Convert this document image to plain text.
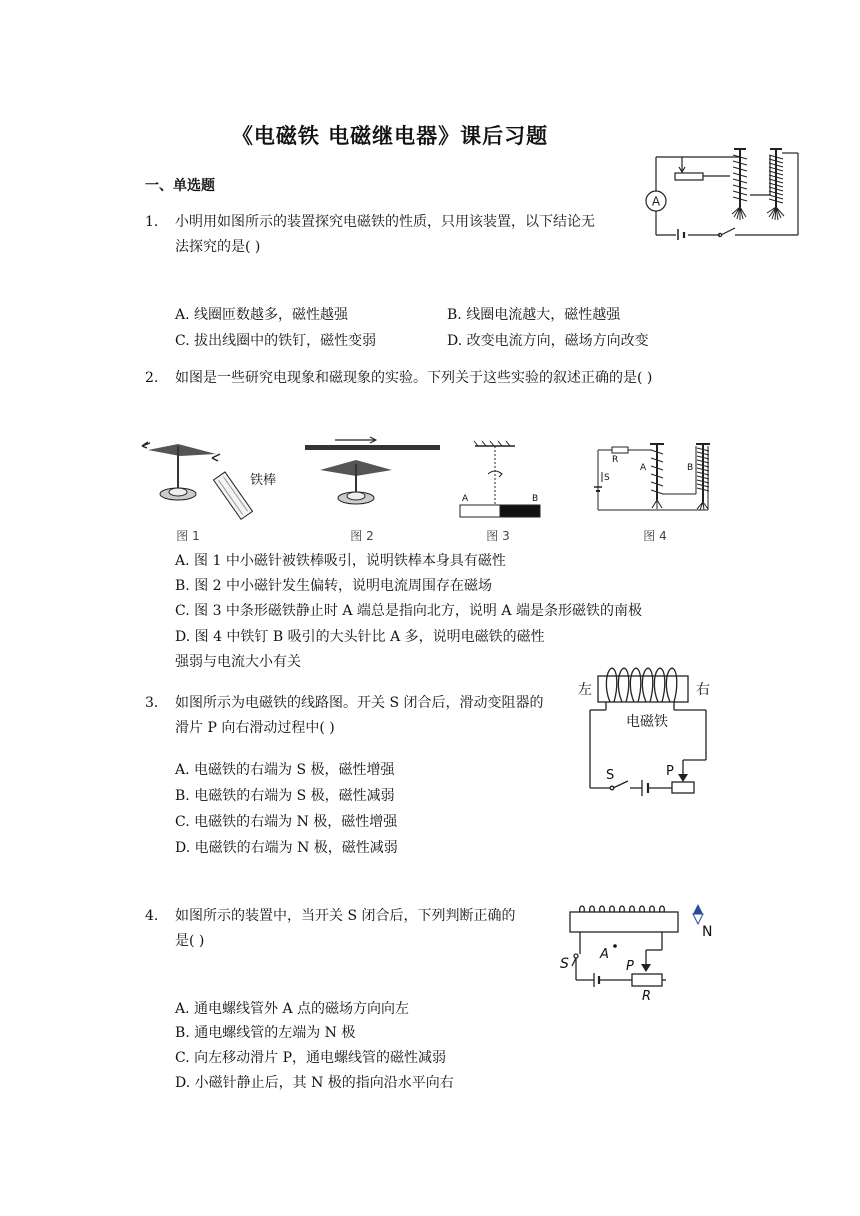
《电磁铁 电磁继电器》课后习题
一、单选题
1. 小明用如图所示的装置探究电磁铁的性质，只用该装置，以下结论无
法探究的是( )
A. 线圈匝数越多，磁性越强	B. 线圈电流越大，磁性越强
C. 拔出线圈中的铁钉，磁性变弱	D. 改变电流方向，磁场方向改变
A
2. 如图是一些研究电现象和磁现象的实验。下列关于这些实验的叙述正确的是( )
铁棒
图 1	图 2
A	B
图 3
R
S
A	B
图 4
A. 图 1 中小磁针被铁棒吸引，说明铁棒本身具有磁性
B. 图 2 中小磁针发生偏转，说明电流周围存在磁场
C. 图 3 中条形磁铁静止时 A 端总是指向北方，说明 A 端是条形磁铁的南极
D. 图 4 中铁钉 B 吸引的大头针比 A 多，说明电磁铁的磁性
强弱与电流大小有关
3. 如图所示为电磁铁的线路图。开关 S 闭合后，滑动变阻器的
滑片 P 向右滑动过程中( )
A. 电磁铁的右端为 S 极，磁性增强
B. 电磁铁的右端为 S 极，磁性减弱
C. 电磁铁的右端为 N 极，磁性增强
D. 电磁铁的右端为 N 极，磁性减弱
左	右
电磁铁
S	P
4. 如图所示的装置中，当开关 S 闭合后，下列判断正确的
是( )
A. 通电螺线管外 A 点的磁场方向向左
B. 通电螺线管的左端为 N 极
C. 向左移动滑片 P，通电螺线管的磁性减弱
D. 小磁针静止后，其 N 极的指向沿水平向右
N
S
A
P
R
